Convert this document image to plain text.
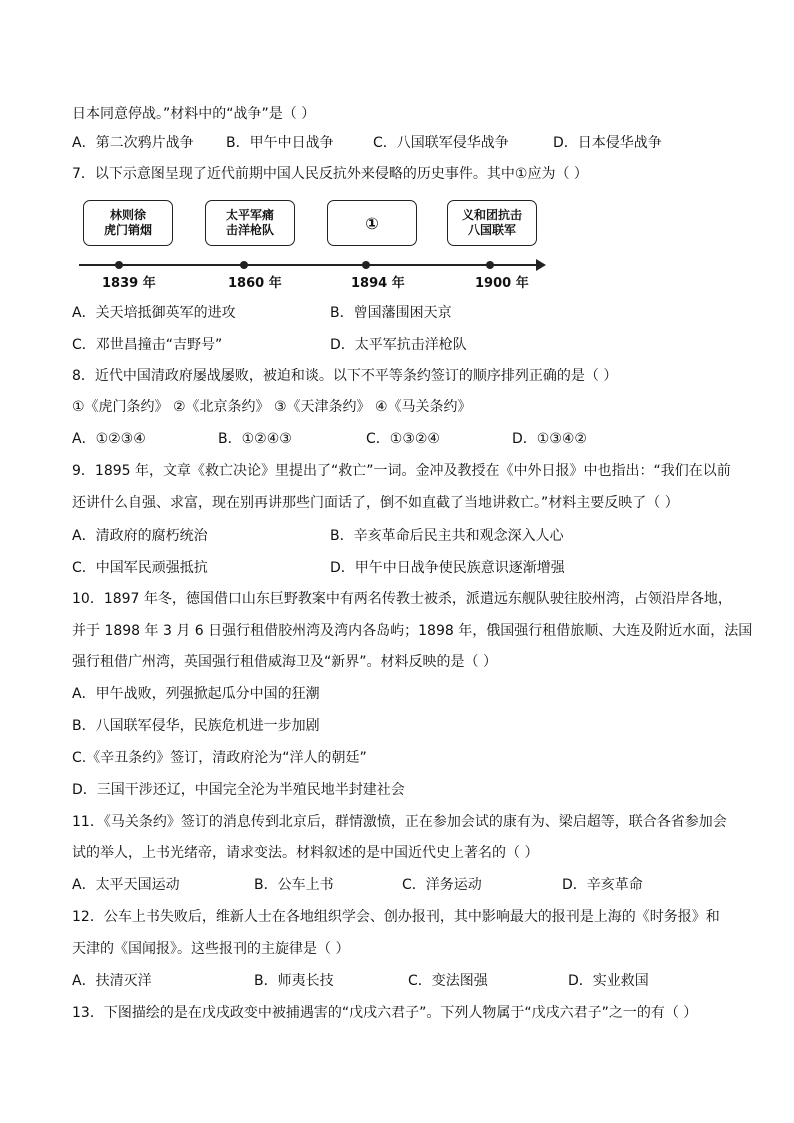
日本同意停战。”材料中的“战争”是（ ）
A．第二次鸦片战争 B．甲午中日战争	C．八国联军侵华战争	D．日本侵华战争
7．以下示意图呈现了近代前期中国人民反抗外来侵略的历史事件。其中①应为（ ）
林则徐
虎门销烟
1839 年
太平军痛
击洋枪队
1860 年
①
1894 年
义和团抗击
八国联军
1900 年
A．关天培抵御英军的进攻	B．曾国藩围困天京
C．邓世昌撞击“吉野号”	D．太平军抗击洋枪队
8．近代中国清政府屡战屡败，被迫和谈。以下不平等条约签订的顺序排列正确的是（ ）
①《虎门条约》 ②《北京条约》 ③《天津条约》 ④《马关条约》
A．①②③④	B．①②④③	C．①③②④	D．①③④②
9．1895 年，文章《救亡决论》里提出了“救亡”一词。金冲及教授在《中外日报》中也指出：“我们在以前
还讲什么自强、求富，现在别再讲那些门面话了，倒不如直截了当地讲救亡。”材料主要反映了（ ）
A．清政府的腐朽统治	B．辛亥革命后民主共和观念深入人心
C．中国军民顽强抵抗	D．甲午中日战争使民族意识逐渐增强
10．1897 年冬，德国借口山东巨野教案中有两名传教士被杀，派遣远东舰队驶往胶州湾，占领沿岸各地，
并于 1898 年 3 月 6 日强行租借胶州湾及湾内各岛屿；1898 年，俄国强行租借旅顺、大连及附近水面，法国
强行租借广州湾，英国强行租借威海卫及“新界”。材料反映的是（ ）
A．甲午战败，列强掀起瓜分中国的狂潮
B．八国联军侵华，民族危机进一步加剧
C.《辛丑条约》签订，清政府沦为“洋人的朝廷”
D．三国干涉还辽，中国完全沦为半殖民地半封建社会
11．《马关条约》签订的消息传到北京后，群情激愤，正在参加会试的康有为、梁启超等，联合各省参加会
试的举人，上书光绪帝，请求变法。材料叙述的是中国近代史上著名的（ ）
A．太平天国运动	B．公车上书	C．洋务运动	D．辛亥革命
12．公车上书失败后，维新人士在各地组织学会、创办报刊，其中影响最大的报刊是上海的《时务报》和
天津的《国闻报》。这些报刊的主旋律是（ ）
A．扶清灭洋	B．师夷长技	C．变法图强	D．实业救国
13．下图描绘的是在戊戌政变中被捕遇害的“戊戌六君子”。下列人物属于“戊戌六君子”之一的有（ ）
